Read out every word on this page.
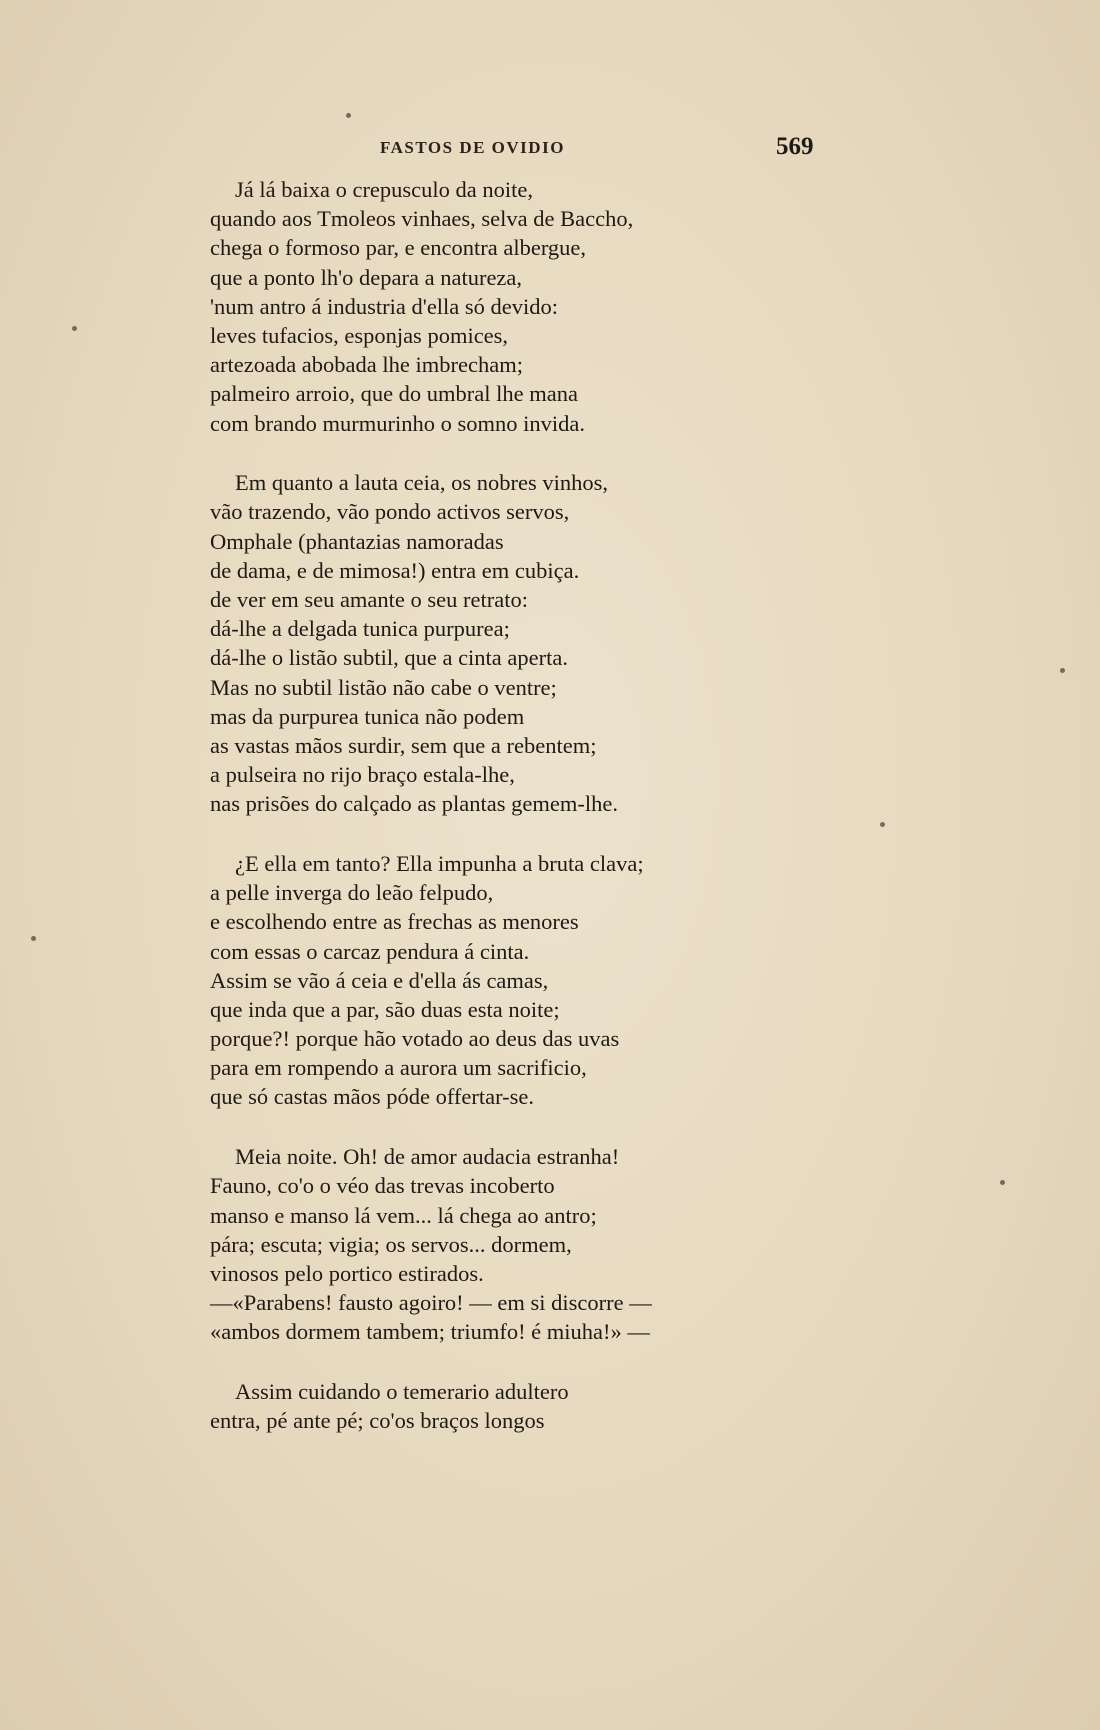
FASTOS DE OVIDIO	569
Já lá baixa o crepusculo da noite,
quando aos Tmoleos vinhaes, selva de Baccho,
chega o formoso par, e encontra albergue,
que a ponto lh'o depara a natureza,
'num antro á industria d'ella só devido:
leves tufacios, esponjas pomices,
artezoada abobada lhe imbrecham;
palmeiro arroio, que do umbral lhe mana
com brando murmurinho o somno invida.
Em quanto a lauta ceia, os nobres vinhos,
vão trazendo, vão pondo activos servos,
Omphale (phantazias namoradas
de dama, e de mimosa!) entra em cubiça.
de ver em seu amante o seu retrato:
dá-lhe a delgada tunica purpurea;
dá-lhe o listão subtil, que a cinta aperta.
Mas no subtil listão não cabe o ventre;
mas da purpurea tunica não podem
as vastas mãos surdir, sem que a rebentem;
a pulseira no rijo braço estala-lhe,
nas prisões do calçado as plantas gemem-lhe.
¿E ella em tanto? Ella impunha a bruta clava;
a pelle inverga do leão felpudo,
e escolhendo entre as frechas as menores
com essas o carcaz pendura á cinta.
Assim se vão á ceia e d'ella ás camas,
que inda que a par, são duas esta noite;
porque?! porque hão votado ao deus das uvas
para em rompendo a aurora um sacrificio,
que só castas mãos póde offertar-se.
Meia noite. Oh! de amor audacia estranha!
Fauno, co'o o véo das trevas incoberto
manso e manso lá vem... lá chega ao antro;
pára; escuta; vigia; os servos... dormem,
vinosos pelo portico estirados.
—«Parabens! fausto agoiro! — em si discorre —
«ambos dormem tambem; triumfo! é miuha!» —
Assim cuidando o temerario adultero
entra, pé ante pé; co'os braços longos
